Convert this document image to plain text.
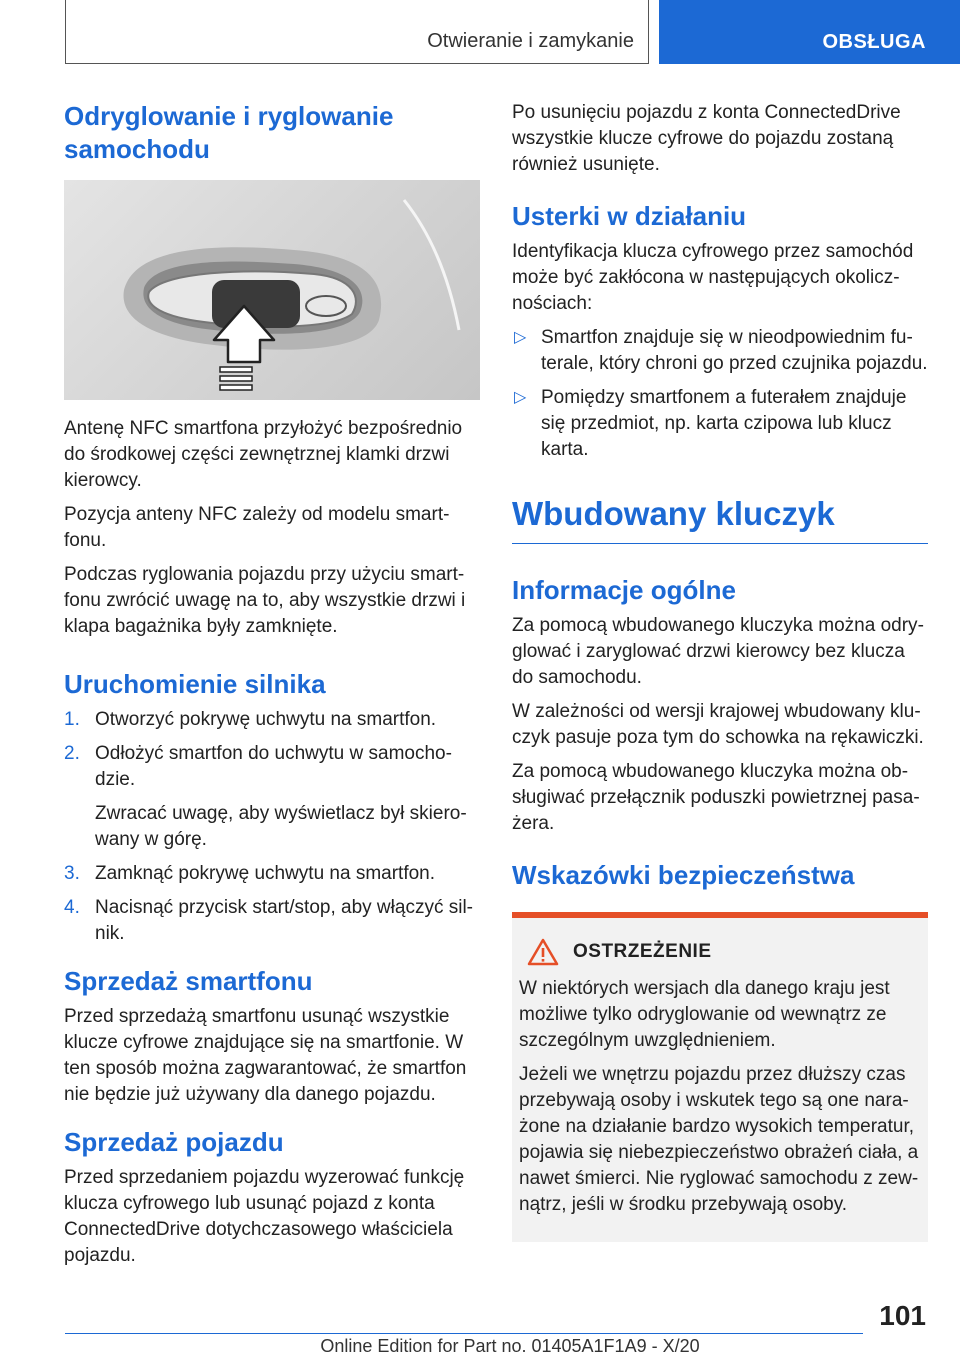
Otwieranie i zamykanie	OBSŁUGA
Odryglowanie i ryglowanie samochodu

Antenę NFC smartfona przyłożyć bezpośrednio do środkowej części zewnętrznej klamki drzwi kierowcy.

Pozycja anteny NFC zależy od modelu smartfonu.

Podczas ryglowania pojazdu przy użyciu smartfonu zwrócić uwagę na to, aby wszystkie drzwi i klapa bagażnika były zamknięte.

Uruchomienie silnika
1. Otworzyć pokrywę uchwytu na smartfon.
2. Odłożyć smartfon do uchwytu w samochodzie.
Zwracać uwagę, aby wyświetlacz był skierowany w górę.
3. Zamknąć pokrywę uchwytu na smartfon.
4. Nacisnąć przycisk start/stop, aby włączyć silnik.
Sprzedaż smartfonu

Przed sprzedażą smartfonu usunąć wszystkie klucze cyfrowe znajdujące się na smartfonie. W ten sposób można zagwarantować, że smartfon nie będzie już używany dla danego pojazdu.

Sprzedaż pojazdu

Przed sprzedaniem pojazdu wyzerować funkcję klucza cyfrowego lub usunąć pojazd z konta ConnectedDrive dotychczasowego właściciela pojazdu.

Po usunięciu pojazdu z konta ConnectedDrive wszystkie klucze cyfrowe do pojazdu zostaną również usunięte.

Usterki w działaniu

Identyfikacja klucza cyfrowego przez samochód może być zakłócona w następujących okolicznościach:

▷ Smartfon znajduje się w nieodpowiednim futerale, który chroni go przed czujnika pojazdu.
▷ Pomiędzy smartfonem a futerałem znajduje się przedmiot, np. karta czipowa lub klucz karta.
Wbudowany kluczyk
Informacje ogólne

Za pomocą wbudowanego kluczyka można odryglować i zaryglować drzwi kierowcy bez klucza do samochodu.

W zależności od wersji krajowej wbudowany kluczyk pasuje poza tym do schowka na rękawiczki.

Za pomocą wbudowanego kluczyka można obsługiwać przełącznik poduszki powietrznej pasażera.

Wskazówki bezpieczeństwa
OSTRZEŻENIE

W niektórych wersjach dla danego kraju jest możliwe tylko odryglowanie od wewnątrz ze szczególnym uwzględnieniem.

Jeżeli we wnętrzu pojazdu przez dłuższy czas przebywają osoby i wskutek tego są one narażone na działanie bardzo wysokich temperatur, pojawia się niebezpieczeństwo obrażeń ciała, a nawet śmierci. Nie ryglować samochodu z zewnątrz, jeśli w środku przebywają osoby.

101
Online Edition for Part no. 01405A1F1A9 - X/20
